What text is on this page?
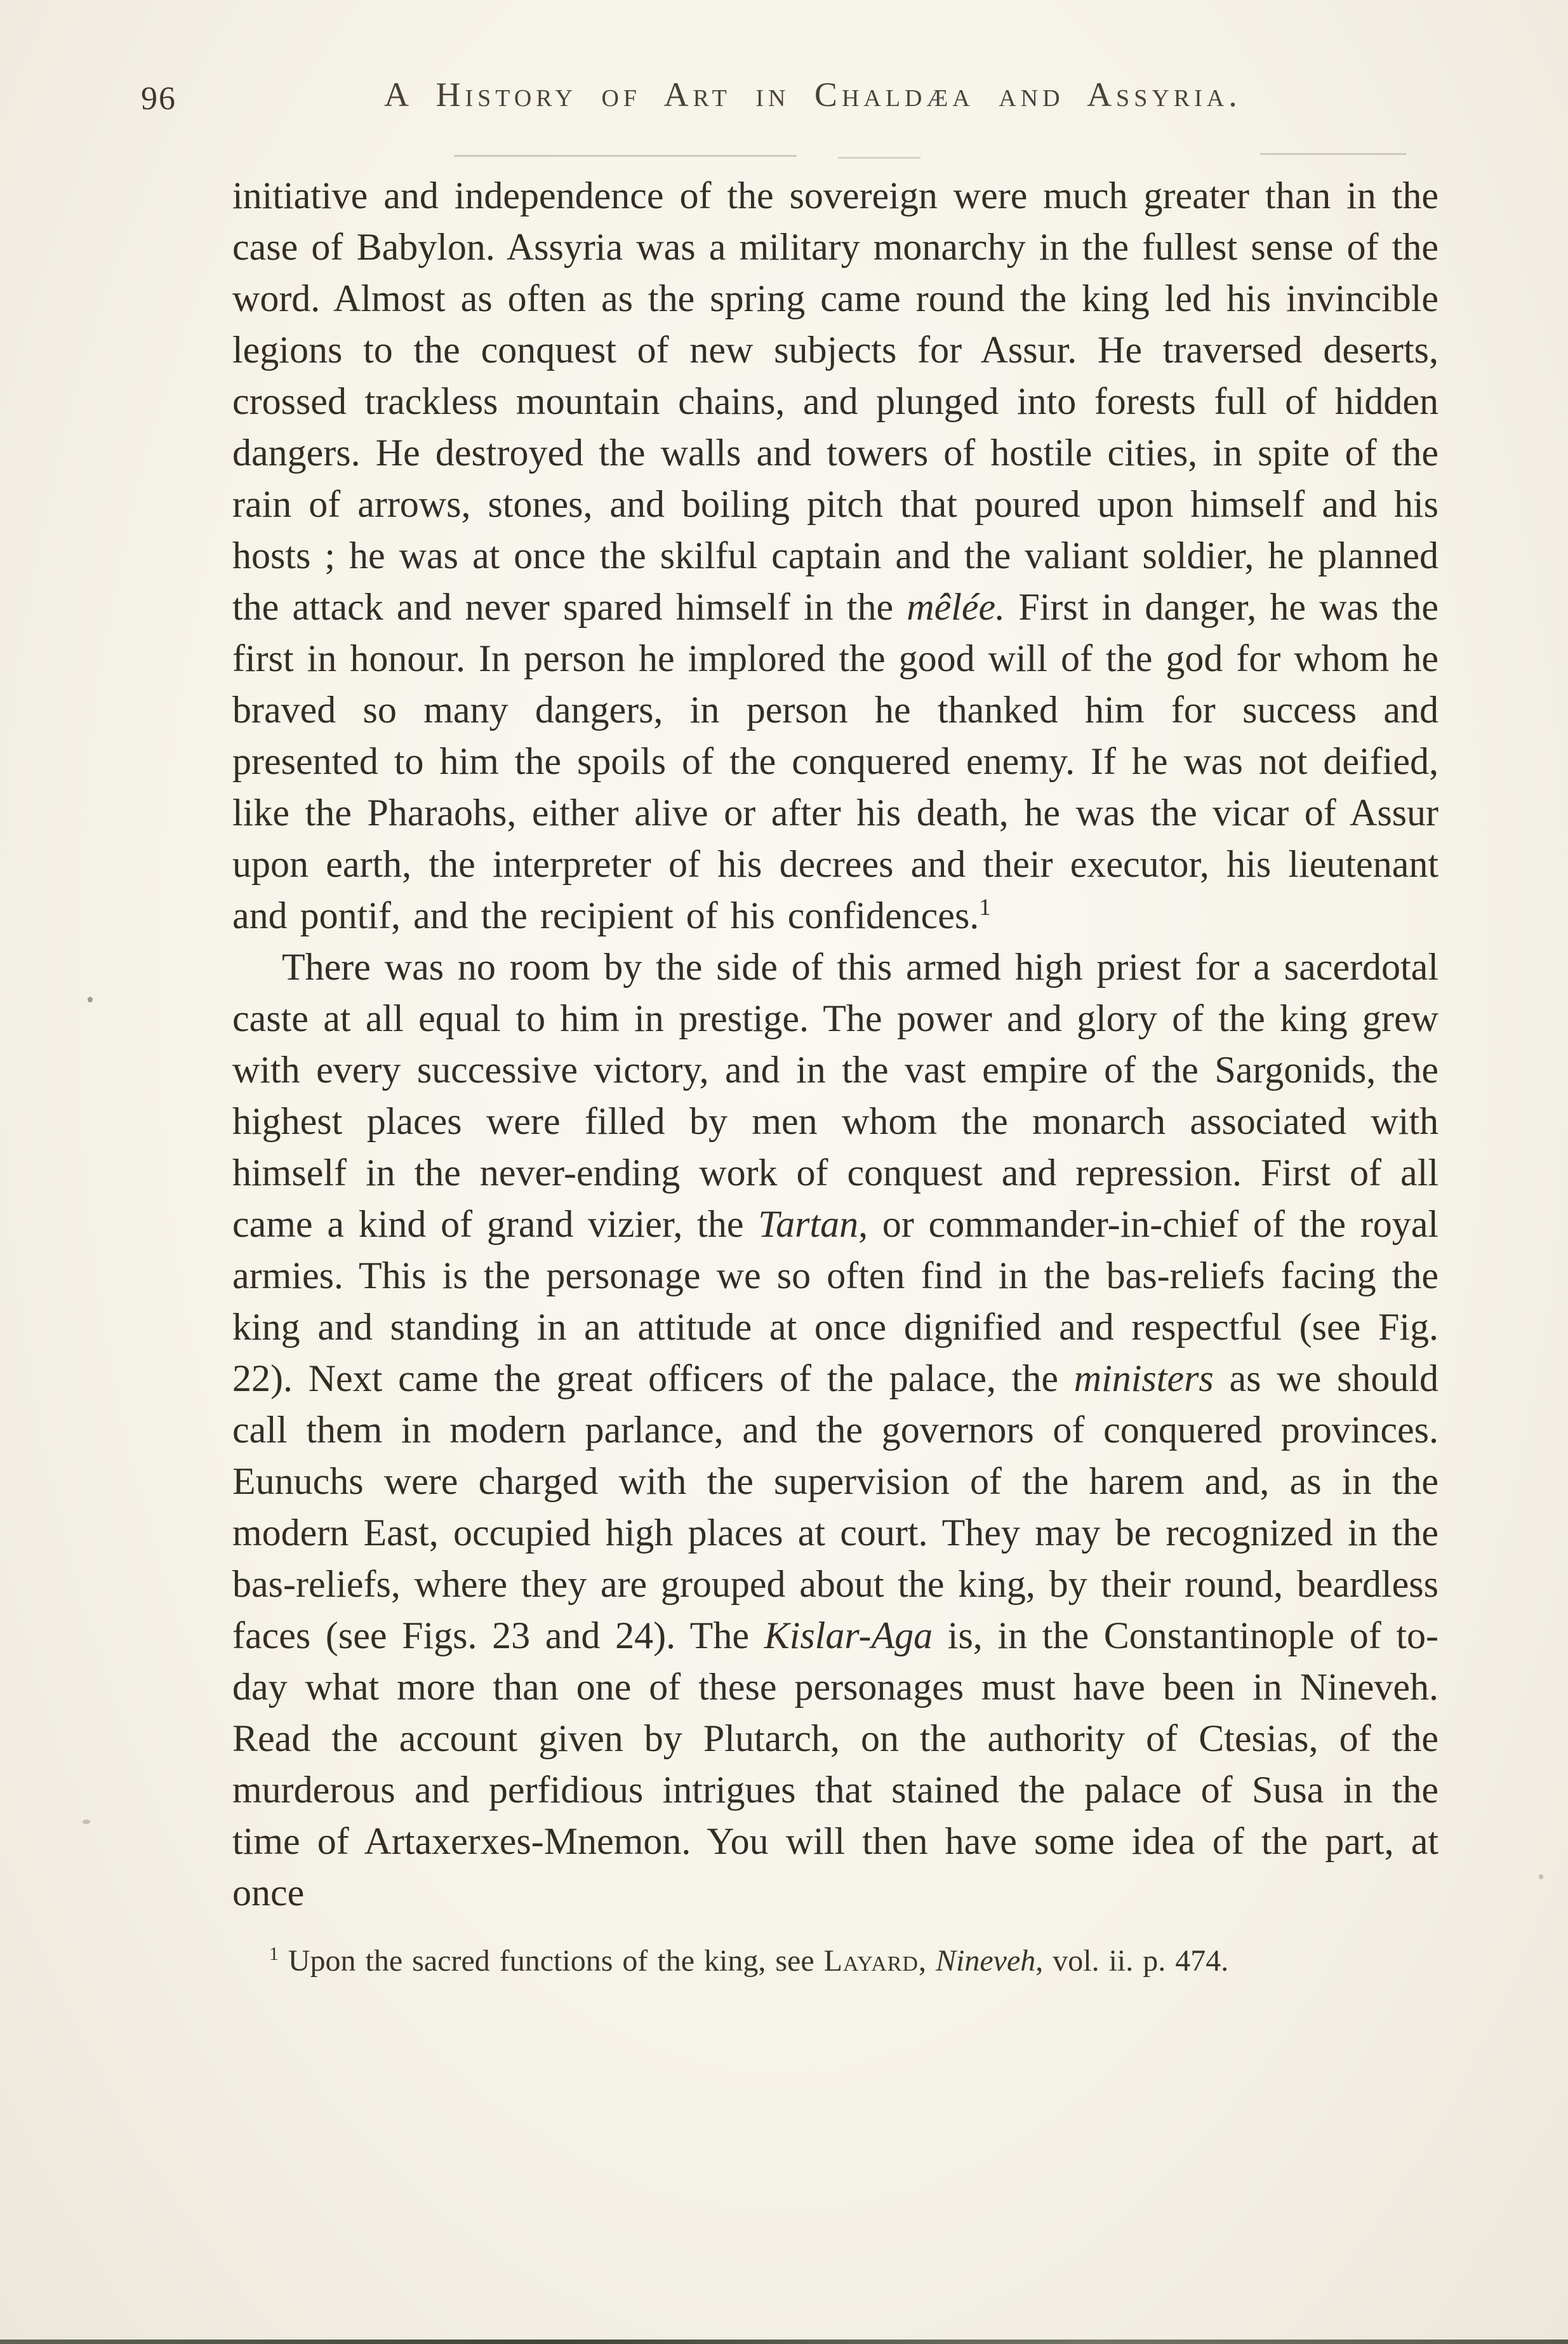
96	A History of Art in Chaldæa and Assyria.

initiative and independence of the sovereign were much greater than in the case of Babylon. Assyria was a military monarchy in the fullest sense of the word. Almost as often as the spring came round the king led his invincible legions to the conquest of new subjects for Assur. He traversed deserts, crossed trackless mountain chains, and plunged into forests full of hidden dangers. He destroyed the walls and towers of hostile cities, in spite of the rain of arrows, stones, and boiling pitch that poured upon himself and his hosts ; he was at once the skilful captain and the valiant soldier, he planned the attack and never spared himself in the mêlée. First in danger, he was the first in honour. In person he implored the good will of the god for whom he braved so many dangers, in person he thanked him for success and presented to him the spoils of the conquered enemy. If he was not deified, like the Pharaohs, either alive or after his death, he was the vicar of Assur upon earth, the interpreter of his decrees and their executor, his lieutenant and pontif, and the recipient of his confidences.$^1$

There was no room by the side of this armed high priest for a sacerdotal caste at all equal to him in prestige. The power and glory of the king grew with every successive victory, and in the vast empire of the Sargonids, the highest places were filled by men whom the monarch associated with himself in the never-ending work of conquest and repression. First of all came a kind of grand vizier, the Tartan, or commander-in-chief of the royal armies. This is the personage we so often find in the bas-reliefs facing the king and standing in an attitude at once dignified and respectful (see Fig. 22). Next came the great officers of the palace, the ministers as we should call them in modern parlance, and the governors of conquered provinces. Eunuchs were charged with the supervision of the harem and, as in the modern East, occupied high places at court. They may be recognized in the bas-reliefs, where they are grouped about the king, by their round, beardless faces (see Figs. 23 and 24). The Kislar-Aga is, in the Constantinople of to-day what more than one of these personages must have been in Nineveh. Read the account given by Plutarch, on the authority of Ctesias, of the murderous and perfidious intrigues that stained the palace of Susa in the time of Artaxerxes-Mnemon. You will then have some idea of the part, at once

$^1$ Upon the sacred functions of the king, see Layard, Nineveh, vol. ii. p. 474.
